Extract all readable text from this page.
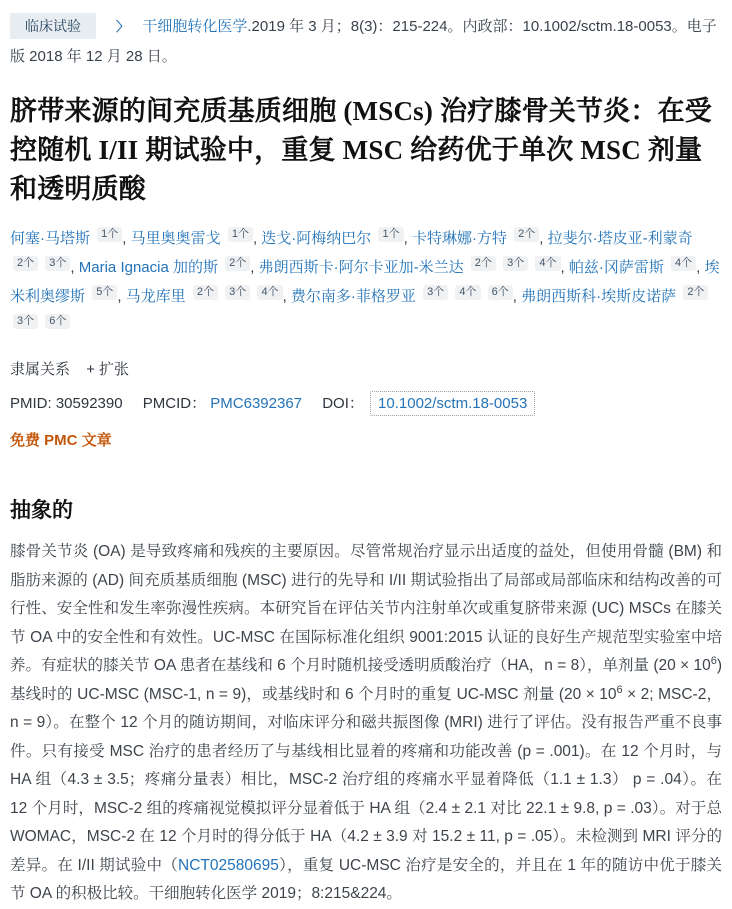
临床试验	〉 干细胞转化医学.2019 年 3 月；8(3)：215-224。内政部：10.1002/sctm.18-0053。电子版 2018 年 12 月 28 日。

脐带来源的间充质基质细胞 (MSCs) 治疗膝骨关节炎：在受控随机 I/II 期试验中，重复 MSC 给药优于单次 MSC 剂量和透明质酸
何塞·马塔斯 $^{1个}$ , 马里奥奥雷戈 $^{1个}$ , 迭戈·阿梅纳巴尔 $^{1个}$ , 卡特琳娜·方特 $^{2个}$ , 拉斐尔·塔皮亚-利蒙奇 $^{2个}$ $^{3个}$ , Maria Ignacia 加的斯 $^{2个}$ , 弗朗西斯卡·阿尔卡亚加-米兰达 $^{2个}$ $^{3个}$ $^{4个}$ , 帕兹·冈萨雷斯 $^{4个}$ , 埃米利奥缪斯 $^{5个}$ , 马龙库里 $^{2个}$ $^{3个}$ $^{4个}$ , 费尔南多·菲格罗亚 $^{3个}$ $^{4个}$ $^{6个}$ , 弗朗西斯科·埃斯皮诺萨 $^{2个}$ $^{3个}$ $^{6个}$
隶属关系 + 扩张
PMID: 30592390 PMCID： PMC6392367 DOI： 10.1002/sctm.18-0053
免费 PMC 文章
抽象的

膝骨关节炎 (OA) 是导致疼痛和残疾的主要原因。尽管常规治疗显示出适度的益处，但使用骨髓 (BM) 和脂肪来源的 (AD) 间充质基质细胞 (MSC) 进行的先导和 I/II 期试验指出了局部或局部临床和结构改善的可行性、安全性和发生率弥漫性疾病。本研究旨在评估关节内注射单次或重复脐带来源 (UC) MSCs 在膝关节 OA 中的安全性和有效性。UC-MSC 在国际标准化组织 9001:2015 认证的良好生产规范型实验室中培养。有症状的膝关节 OA 患者在基线和 6 个月时随机接受透明质酸治疗（HA，n = 8），单剂量 $(20 \times 10^6)$ 基线时的 UC-MSC (MSC-1, n = 9)，或基线时和 6 个月时的重复 UC-MSC 剂量 ($20 \times 10^6 \times 2$; MSC-2，n = 9）。在整个 12 个月的随访期间，对临床评分和磁共振图像 (MRI) 进行了评估。没有报告严重不良事件。只有接受 MSC 治疗的患者经历了与基线相比显着的疼痛和功能改善 (p = .001)。在 12 个月时，与 HA 组（4.3 ± 3.5；疼痛分量表）相比，MSC-2 治疗组的疼痛水平显着降低（1.1 ± 1.3） p = .04）。在 12 个月时，MSC-2 组的疼痛视觉模拟评分显着低于 HA 组（2.4 ± 2.1 对比 22.1 ± 9.8, p = .03）。对于总 WOMAC，MSC-2 在 12 个月时的得分低于 HA（4.2 ± 3.9 对 15.2 ± 11, p = .05）。未检测到 MRI 评分的差异。在 I/II 期试验中（NCT02580695），重复 UC-MSC 治疗是安全的，并且在 1 年的随访中优于膝关节 OA 的积极比较。干细胞转化医学 2019；8:215&224。
